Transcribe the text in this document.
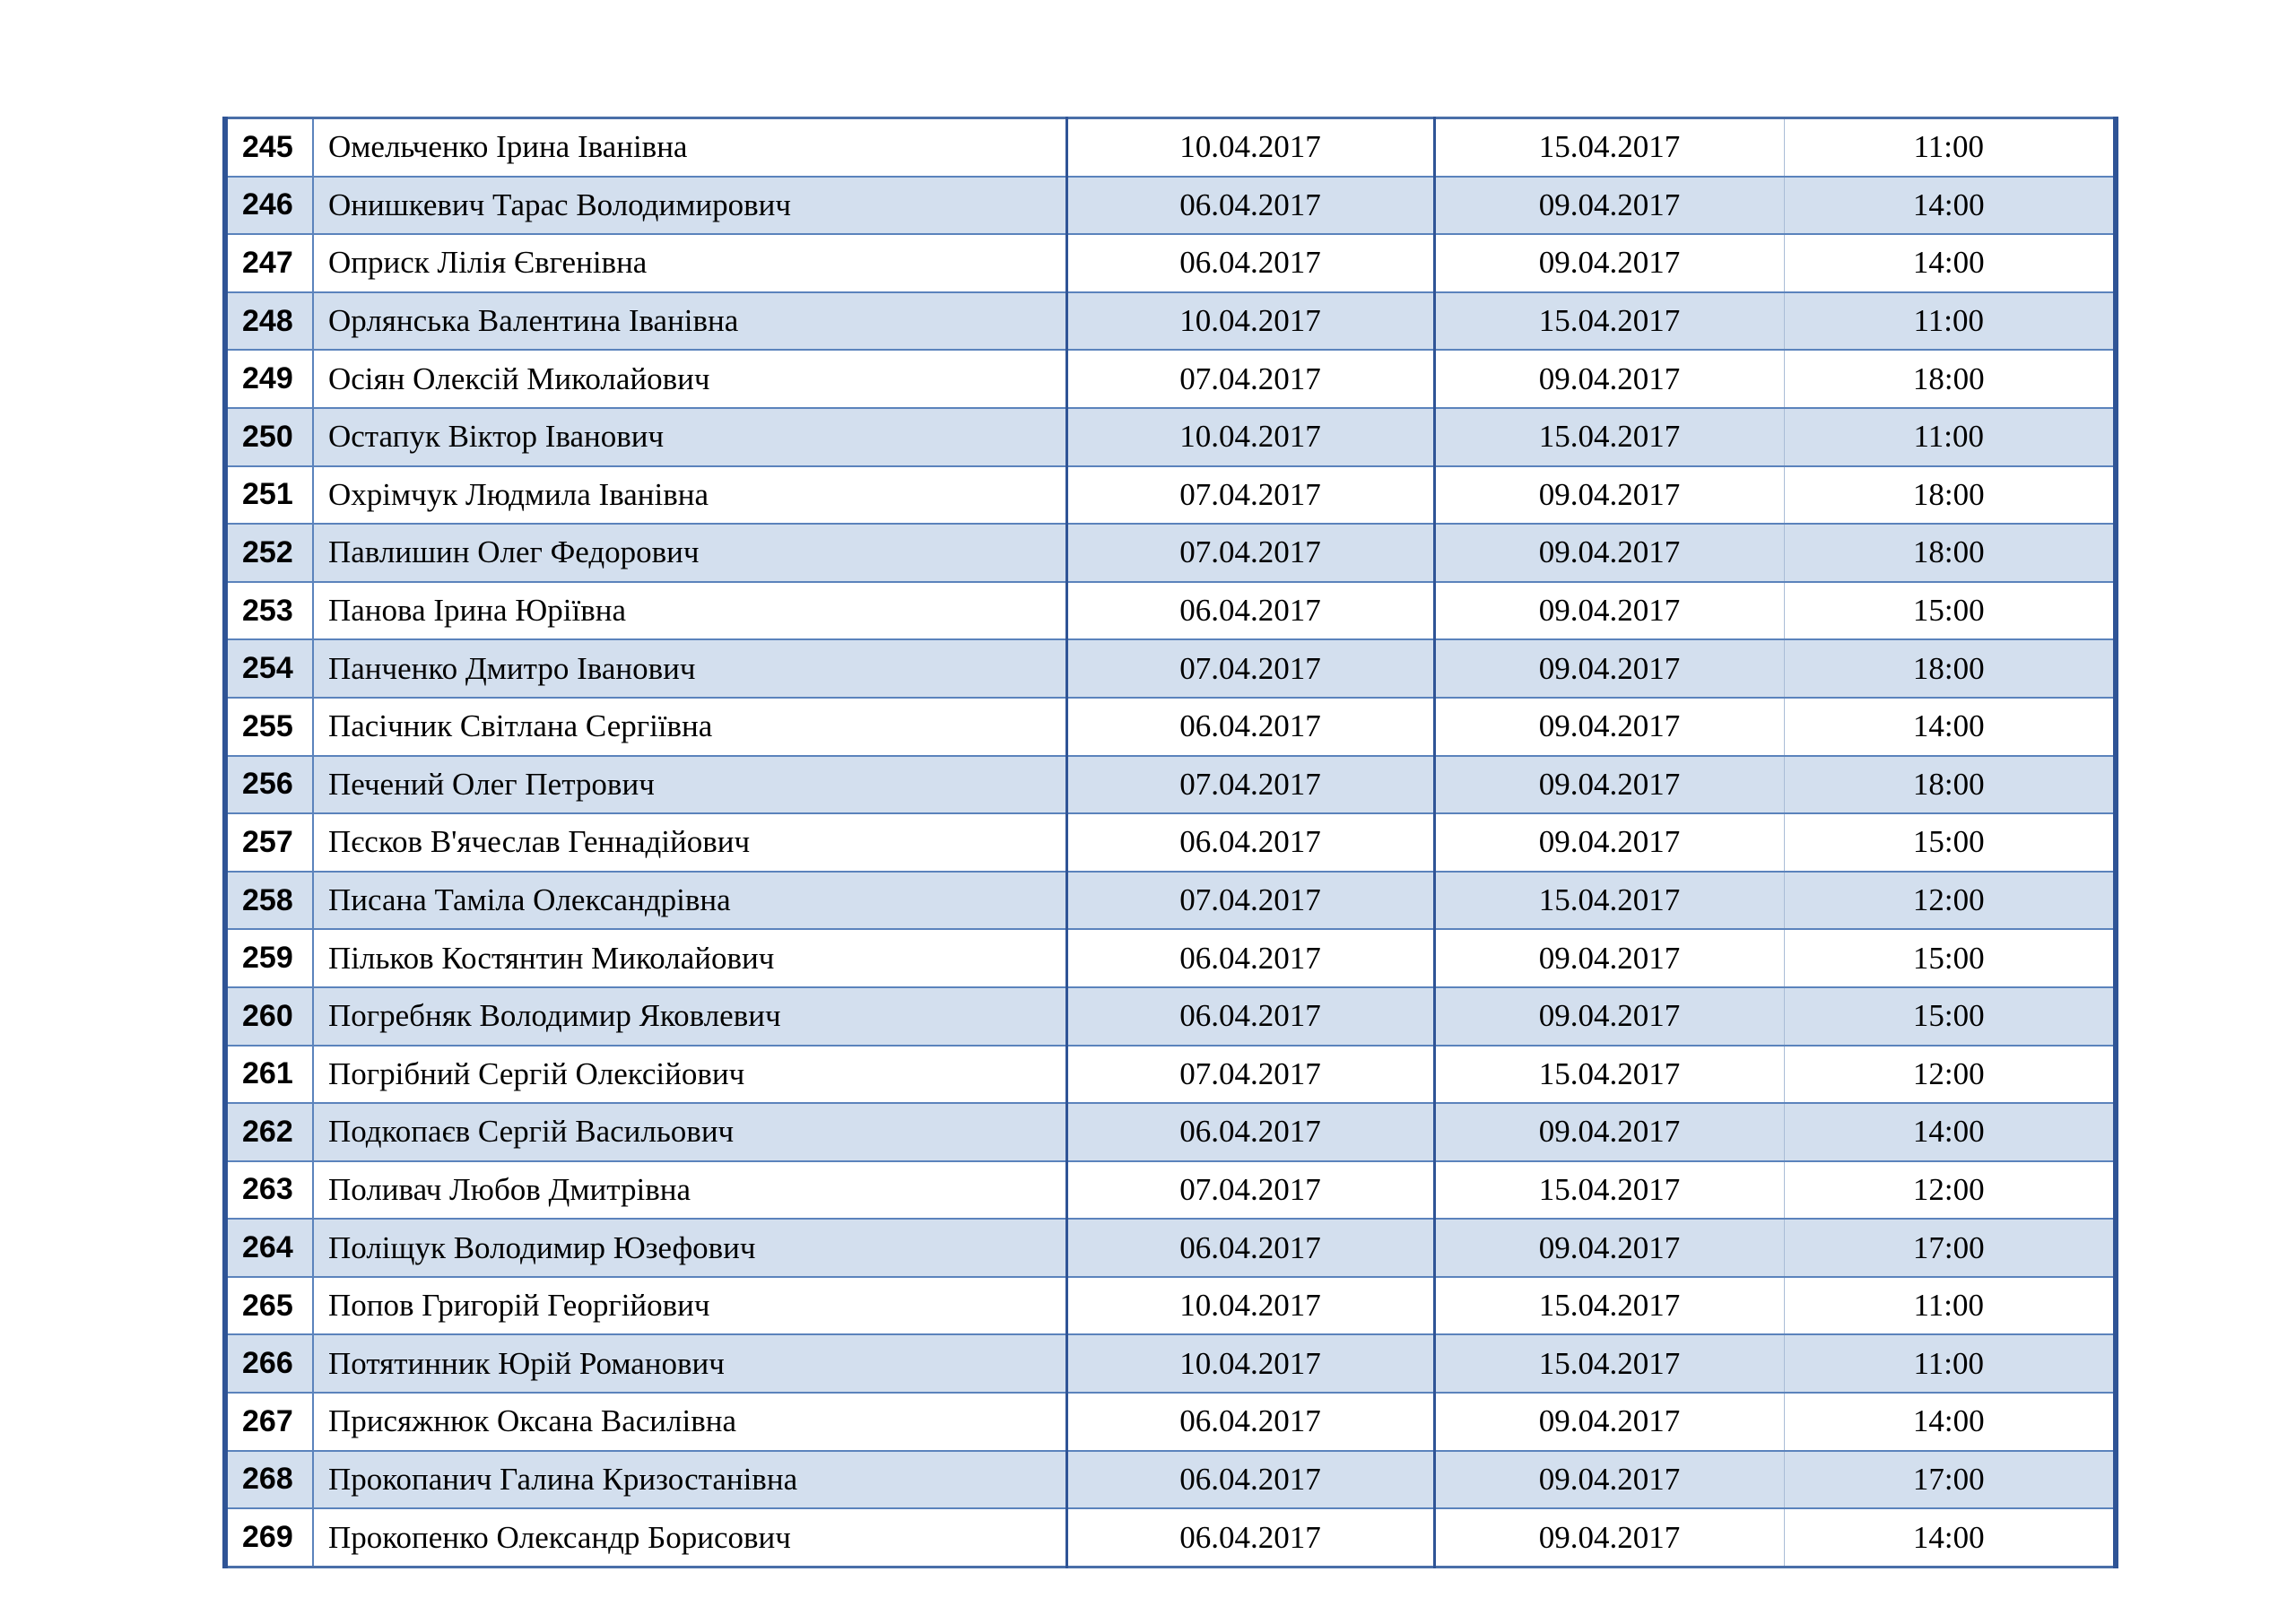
245	Омельченко Ірина Іванівна	10.04.2017	15.04.2017	11:00
246	Онишкевич Тарас Володимирович	06.04.2017	09.04.2017	14:00
247	Оприск Лілія Євгенівна	06.04.2017	09.04.2017	14:00
248	Орлянська Валентина Іванівна	10.04.2017	15.04.2017	11:00
249	Осіян Олексій Миколайович	07.04.2017	09.04.2017	18:00
250	Остапук Віктор Іванович	10.04.2017	15.04.2017	11:00
251	Охрімчук Людмила Іванівна	07.04.2017	09.04.2017	18:00
252	Павлишин Олег Федорович	07.04.2017	09.04.2017	18:00
253	Панова Ірина Юріївна	06.04.2017	09.04.2017	15:00
254	Панченко Дмитро Іванович	07.04.2017	09.04.2017	18:00
255	Пасічник Світлана Сергіївна	06.04.2017	09.04.2017	14:00
256	Печений Олег Петрович	07.04.2017	09.04.2017	18:00
257	Пєсков В'ячеслав Геннадійович	06.04.2017	09.04.2017	15:00
258	Писана Таміла Олександрівна	07.04.2017	15.04.2017	12:00
259	Пільков Костянтин Миколайович	06.04.2017	09.04.2017	15:00
260	Погребняк Володимир Яковлевич	06.04.2017	09.04.2017	15:00
261	Погрібний Сергій Олексійович	07.04.2017	15.04.2017	12:00
262	Подкопаєв Сергій Васильович	06.04.2017	09.04.2017	14:00
263	Поливач Любов Дмитрівна	07.04.2017	15.04.2017	12:00
264	Поліщук Володимир Юзефович	06.04.2017	09.04.2017	17:00
265	Попов Григорій Георгійович	10.04.2017	15.04.2017	11:00
266	Потятинник Юрій Романович	10.04.2017	15.04.2017	11:00
267	Присяжнюк Оксана Василівна	06.04.2017	09.04.2017	14:00
268	Прокопанич Галина Кризостанівна	06.04.2017	09.04.2017	17:00
269	Прокопенко Олександр Борисович	06.04.2017	09.04.2017	14:00
